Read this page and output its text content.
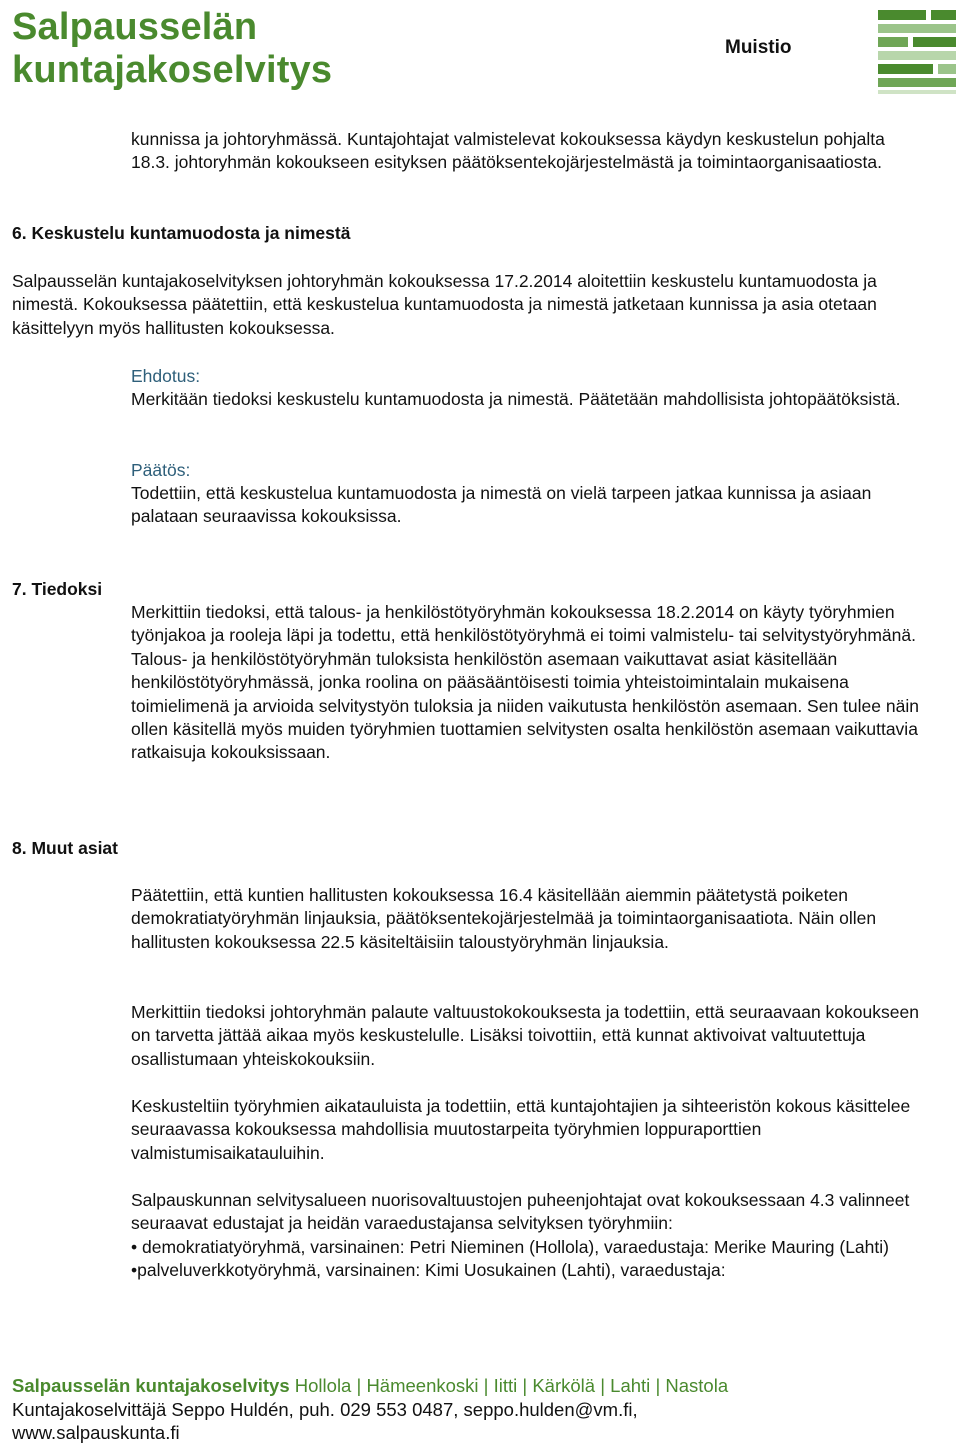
Salpausselän
kuntajakoselvitys
Muistio

kunnissa ja johtoryhmässä. Kuntajohtajat valmistelevat kokouksessa käydyn keskustelun pohjalta 18.3. johtoryhmän kokoukseen esityksen päätöksentekojärjestelmästä ja toimintaorganisaatiosta.

6. Keskustelu kuntamuodosta ja nimestä

Salpausselän kuntajakoselvityksen johtoryhmän kokouksessa 17.2.2014 aloitettiin keskustelu kuntamuodosta ja nimestä. Kokouksessa päätettiin, että keskustelua kuntamuodosta ja nimestä jatketaan kunnissa ja asia otetaan käsittelyyn myös hallitusten kokouksessa.

Ehdotus:

Merkitään tiedoksi keskustelu kuntamuodosta ja nimestä. Päätetään mahdollisista johtopäätöksistä.

Päätös:

Todettiin, että keskustelua kuntamuodosta ja nimestä on vielä tarpeen jatkaa kunnissa ja asiaan palataan seuraavissa kokouksissa.

7. Tiedoksi

Merkittiin tiedoksi, että talous- ja henkilöstötyöryhmän kokouksessa 18.2.2014 on käyty työryhmien työnjakoa ja rooleja läpi ja todettu, että henkilöstötyöryhmä ei toimi valmistelu- tai selvitystyöryhmänä. Talous- ja henkilöstötyöryhmän tuloksista henkilöstön asemaan vaikuttavat asiat käsitellään henkilöstötyöryhmässä, jonka roolina on pääsääntöisesti toimia yhteistoimintalain mukaisena toimielimenä ja arvioida selvitystyön tuloksia ja niiden vaikutusta henkilöstön asemaan. Sen tulee näin ollen käsitellä myös muiden työryhmien tuottamien selvitysten osalta henkilöstön asemaan vaikuttavia ratkaisuja kokouksissaan.

8. Muut asiat

Päätettiin, että kuntien hallitusten kokouksessa 16.4 käsitellään aiemmin päätetystä poiketen demokratiatyöryhmän linjauksia, päätöksentekojärjestelmää ja toimintaorganisaatiota. Näin ollen hallitusten kokouksessa 22.5 käsiteltäisiin taloustyöryhmän linjauksia.

Merkittiin tiedoksi johtoryhmän palaute valtuustokokouksesta ja todettiin, että seuraavaan kokoukseen on tarvetta jättää aikaa myös keskustelulle. Lisäksi toivottiin, että kunnat aktivoivat valtuutettuja osallistumaan yhteiskokouksiin.

Keskusteltiin työryhmien aikatauluista ja todettiin, että kuntajohtajien ja sihteeristön kokous käsittelee seuraavassa kokouksessa mahdollisia muutostarpeita työryhmien loppuraporttien valmistumisaikatauluihin.

Salpauskunnan selvitysalueen nuorisovaltuustojen puheenjohtajat ovat kokouksessaan 4.3 valinneet seuraavat edustajat ja heidän varaedustajansa selvityksen työryhmiin:
• demokratiatyöryhmä, varsinainen: Petri Nieminen (Hollola), varaedustaja: Merike Mauring (Lahti)
•palveluverkkotyöryhmä, varsinainen: Kimi Uosukainen (Lahti), varaedustaja:
Salpausselän kuntajakoselvitys Hollola | Hämeenkoski | Iitti | Kärkölä | Lahti | Nastola
Kuntajakoselvittäjä Seppo Huldén, puh. 029 553 0487, seppo.hulden@vm.fi,
www.salpauskunta.fi
